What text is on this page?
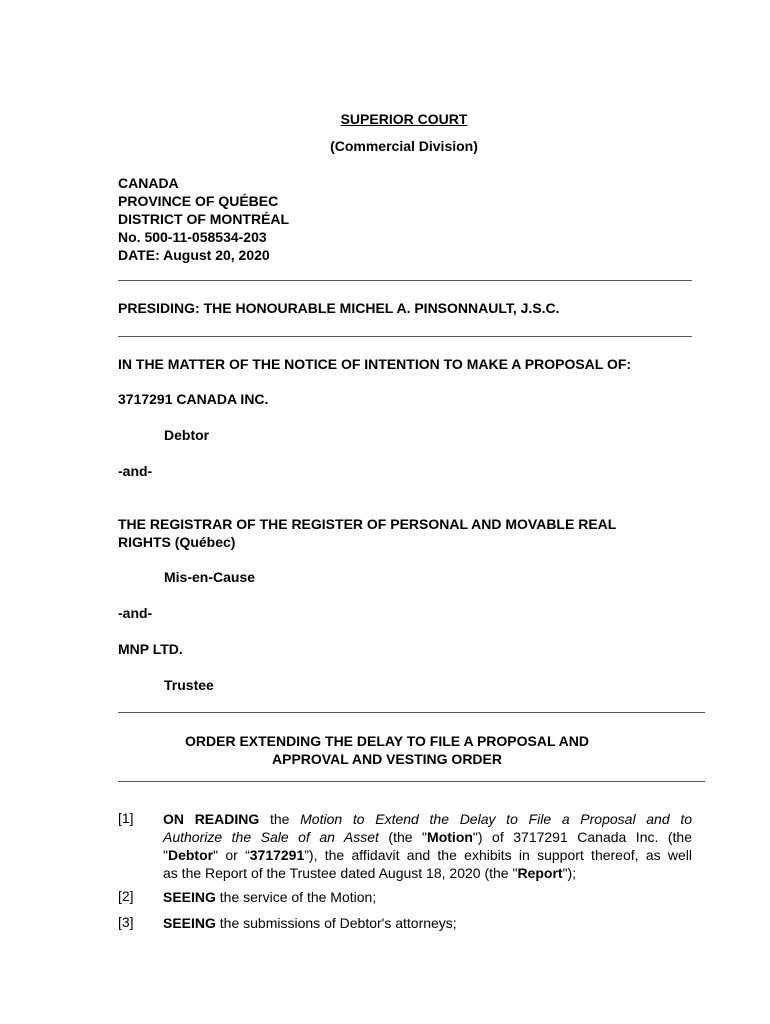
SUPERIOR COURT
(Commercial Division)
CANADA
PROVINCE OF QUÉBEC
DISTRICT OF MONTRÉAL
No. 500-11-058534-203
DATE: August 20, 2020
PRESIDING: THE HONOURABLE MICHEL A. PINSONNAULT, J.S.C.
IN THE MATTER OF THE NOTICE OF INTENTION TO MAKE A PROPOSAL OF:
3717291 CANADA INC.
Debtor
-and-
THE REGISTRAR OF THE REGISTER OF PERSONAL AND MOVABLE REAL
RIGHTS (Québec)
Mis-en-Cause
-and-
MNP LTD.
Trustee
ORDER EXTENDING THE DELAY TO FILE A PROPOSAL AND
APPROVAL AND VESTING ORDER
[1] ON READING the Motion to Extend the Delay to File a Proposal and to
Authorize the Sale of an Asset (the "Motion") of 3717291 Canada Inc. (the
"Debtor" or “3717291”), the affidavit and the exhibits in support thereof, as well
as the Report of the Trustee dated August 18, 2020 (the "Report");
[2] SEEING the service of the Motion;
[3] SEEING the submissions of Debtor's attorneys;
